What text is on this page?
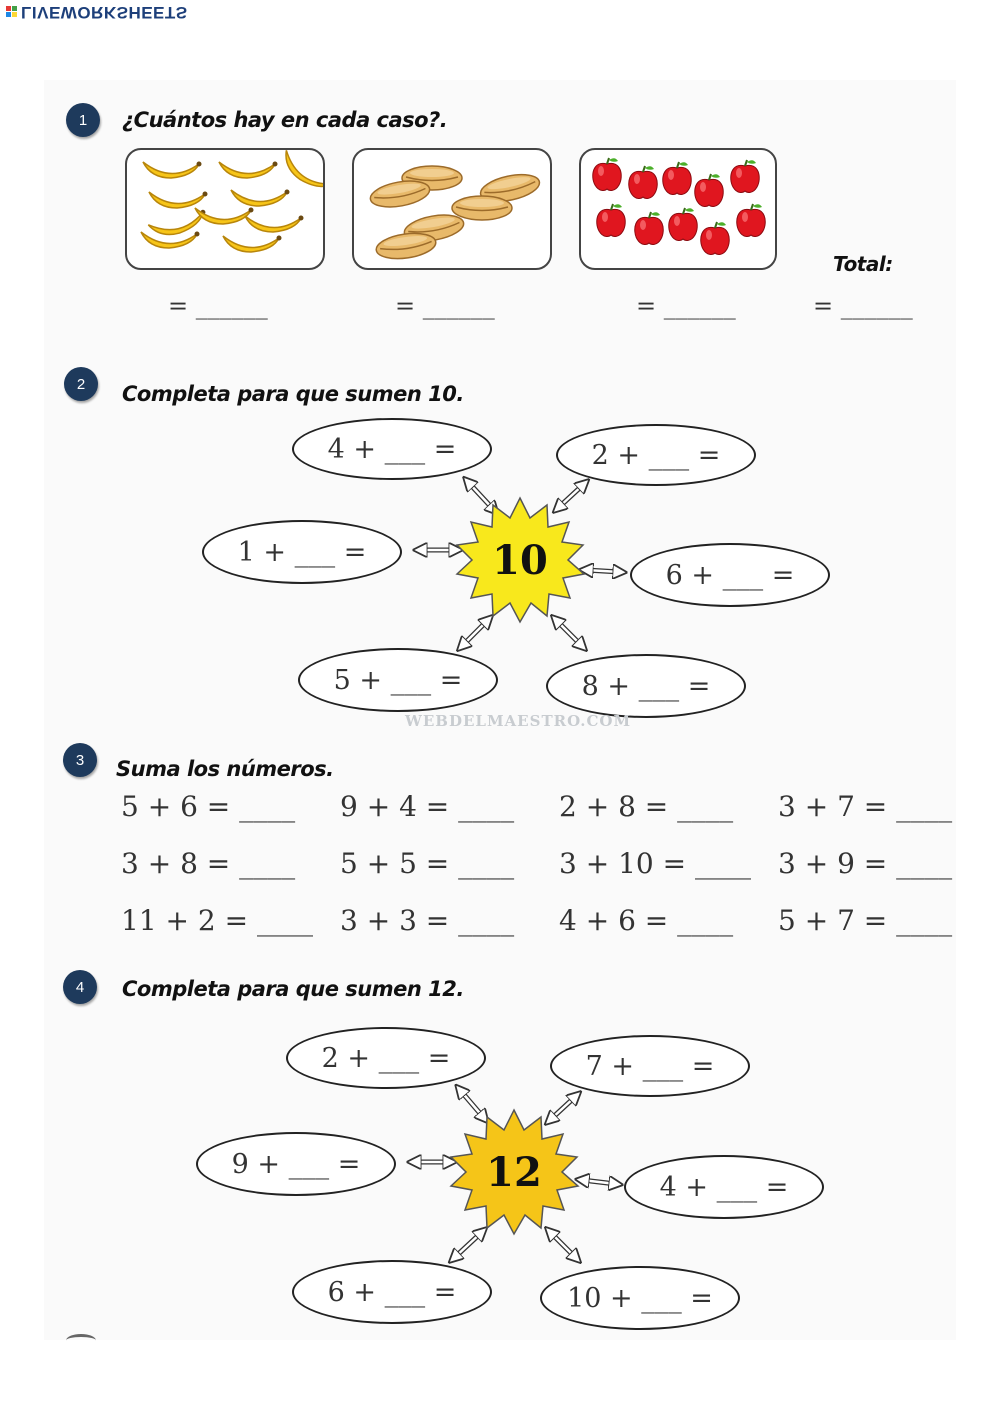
LIVEWORKSHEETS
1	¿Cuántos hay en cada caso?.
Total:
= ______	= ______	= ______	= ______
2	Completa para que sumen 10.
10
4 + ___ =	2 + ___ =
1 + ___ =
6 + ___ =
5 + ___ =	8 + ___ =
WEBDELMAESTRO.COM
3	Suma los números.
5 + 6 = ____ 9 + 4 = ____ 2 + 8 = ____ 3 + 7 = ____
3 + 8 = ____ 5 + 5 = ____ 3 + 10 = ____ 3 + 9 = ____
11 + 2 = ____ 3 + 3 = ____ 4 + 6 = ____ 5 + 7 = ____
4	Completa para que sumen 12.
12
2 + ___ =	7 + ___ =
9 + ___ =
4 + ___ =
6 + ___ =	10 + ___ =
